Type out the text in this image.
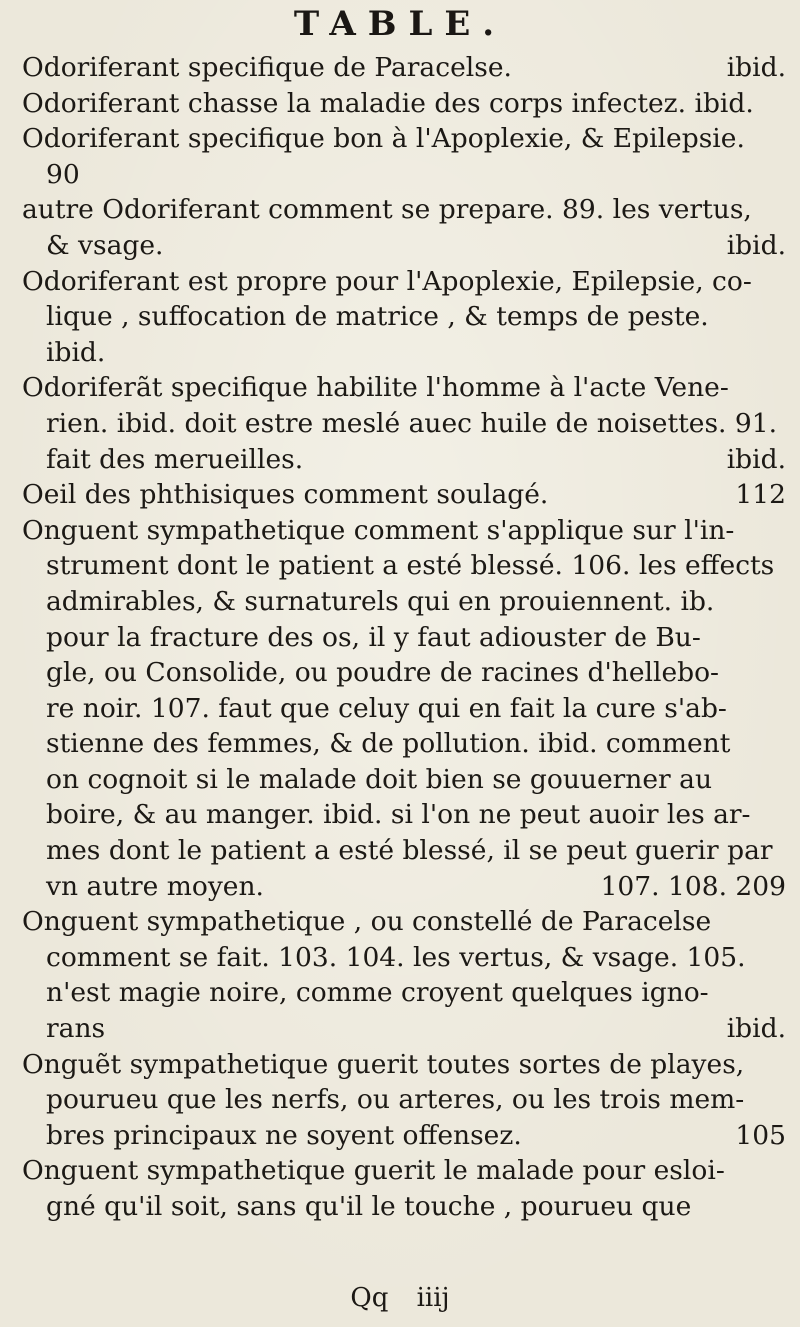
TABLE.
Odoriferant specifique de Paracelse.	ibid.
Odoriferant chasse la maladie des corps infectez. ibid.
Odoriferant specifique bon à l'Apoplexie, & Epilepsie.
90
autre Odoriferant comment se prepare. 89. les vertus,
& vsage.	ibid.
Odoriferant est propre pour l'Apoplexie, Epilepsie, co-
lique , suffocation de matrice , & temps de peste.
ibid.
Odoriferãt specifique habilite l'homme à l'acte Vene-
rien. ibid. doit estre meslé auec huile de noisettes. 91.
fait des merueilles.	ibid.
Oeil des phthisiques comment soulagé.	112
Onguent sympathetique comment s'applique sur l'in-
strument dont le patient a esté blessé. 106. les effects
admirables, & surnaturels qui en prouiennent. ib.
pour la fracture des os, il y faut adiouster de Bu-
gle, ou Consolide, ou poudre de racines d'hellebo-
re noir. 107. faut que celuy qui en fait la cure s'ab-
stienne des femmes, & de pollution. ibid. comment
on cognoit si le malade doit bien se gouuerner au
boire, & au manger. ibid. si l'on ne peut auoir les ar-
mes dont le patient a esté blessé, il se peut guerir par
vn autre moyen.	107. 108. 209
Onguent sympathetique , ou constellé de Paracelse
comment se fait. 103. 104. les vertus, & vsage. 105.
n'est magie noire, comme croyent quelques igno-
rans	ibid.
Onguẽt sympathetique guerit toutes sortes de playes,
pourueu que les nerfs, ou arteres, ou les trois mem-
bres principaux ne soyent offensez.	105
Onguent sympathetique guerit le malade pour esloi-
gné qu'il soit, sans qu'il le touche , pourueu que
Qq iiij
